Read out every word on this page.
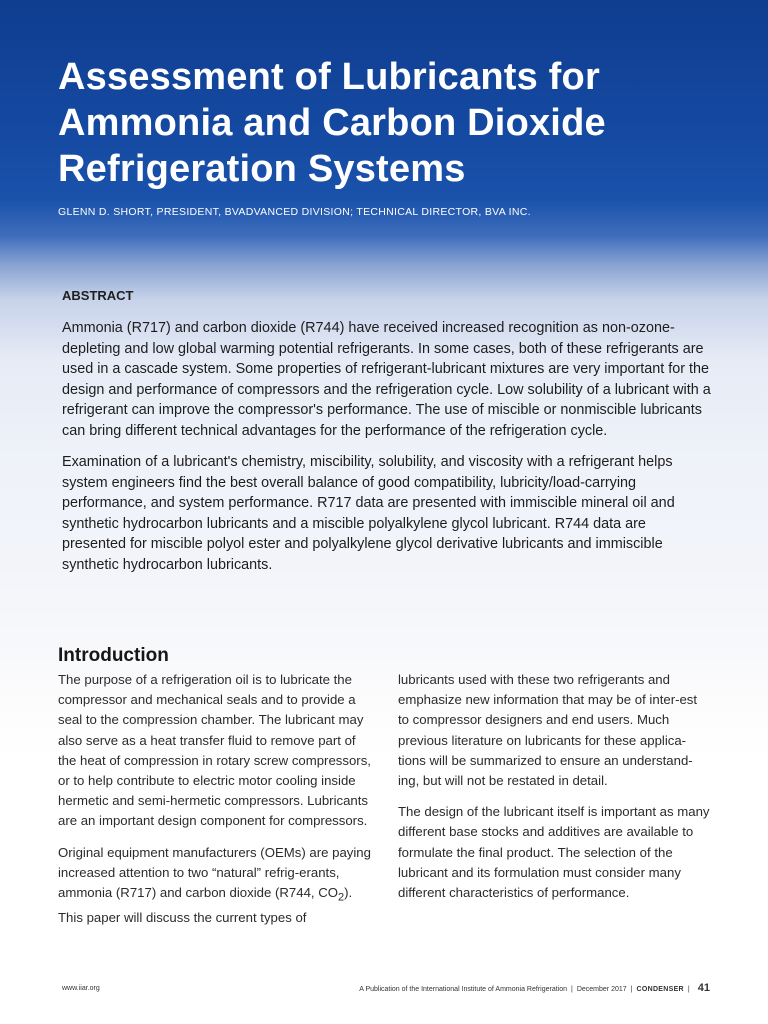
Assessment of Lubricants for Ammonia and Carbon Dioxide Refrigeration Systems
GLENN D. SHORT, PRESIDENT, BVADVANCED DIVISION; TECHNICAL DIRECTOR, BVA INC.
ABSTRACT

Ammonia (R717) and carbon dioxide (R744) have received increased recognition as non-ozone- depleting and low global warming potential refrigerants. In some cases, both of these refrigerants are used in a cascade system. Some properties of refrigerant-lubricant mixtures are very important for the design and performance of compressors and the refrigeration cycle. Low solubility of a lubricant with a refrigerant can improve the compressor's performance. The use of miscible or nonmiscible lubricants can bring different technical advantages for the performance of the refrigeration cycle.

Examination of a lubricant's chemistry, miscibility, solubility, and viscosity with a refrigerant helps system engineers find the best overall balance of good compatibility, lubricity/load-carrying performance, and system performance. R717 data are presented with immiscible mineral oil and synthetic hydrocarbon lubricants and a miscible polyalkylene glycol lubricant. R744 data are presented for miscible polyol ester and polyalkylene glycol derivative lubricants and immiscible synthetic hydrocarbon lubricants.

Introduction

The purpose of a refrigeration oil is to lubricate the compressor and mechanical seals and to provide a seal to the compression chamber. The lubricant may also serve as a heat transfer fluid to remove part of the heat of compression in rotary screw compressors, or to help contribute to electric motor cooling inside hermetic and semi-hermetic compressors. Lubricants are an important design component for compressors.

Original equipment manufacturers (OEMs) are paying increased attention to two “natural” refrig-erants, ammonia (R717) and carbon dioxide (R744, $CO_2$). This paper will discuss the current types of

lubricants used with these two refrigerants and emphasize new information that may be of inter-est to compressor designers and end users. Much previous literature on lubricants for these applica-tions will be summarized to ensure an understand-ing, but will not be restated in detail.

The design of the lubricant itself is important as many different base stocks and additives are available to formulate the final product. The selection of the lubricant and its formulation must consider many different characteristics of performance.

www.iiar.org	A Publication of the International Institute of Ammonia Refrigeration | December 2017 | CONDENSER | 41
